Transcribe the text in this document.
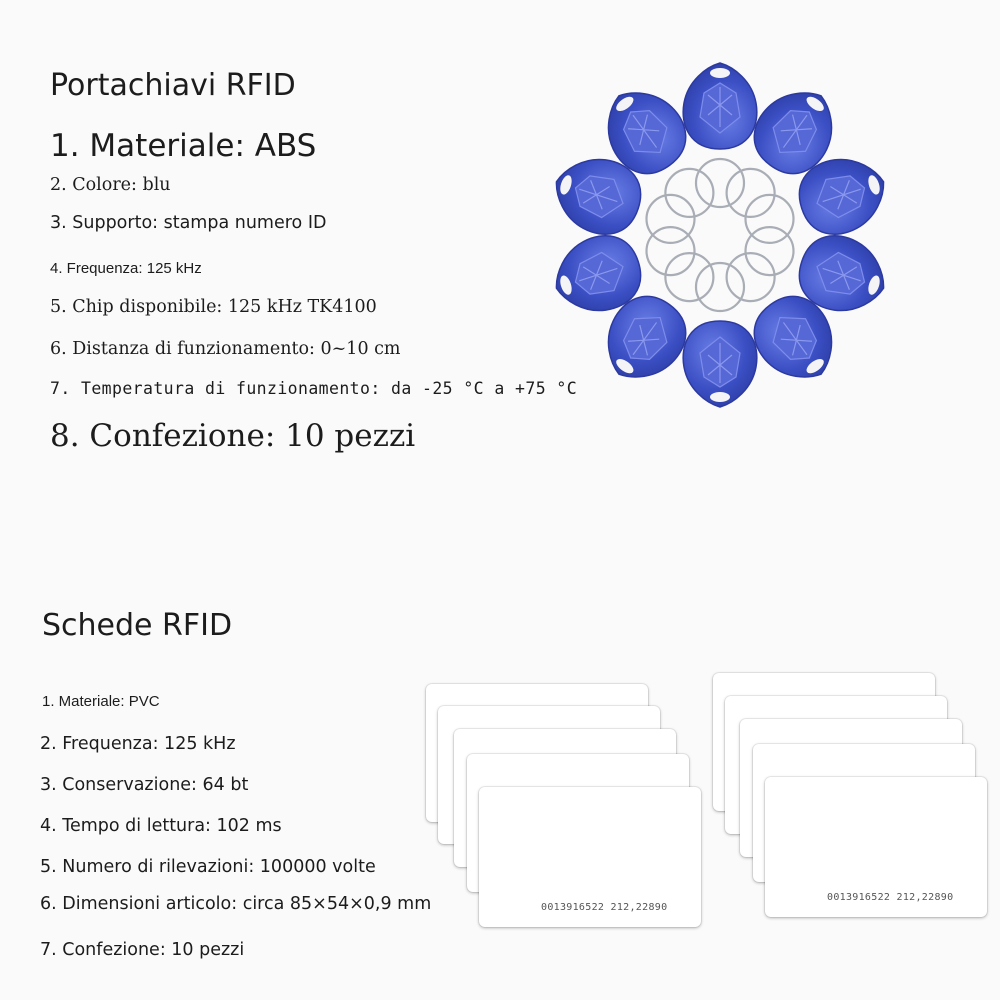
Portachiavi RFID
1. Materiale: ABS
2. Colore: blu
3. Supporto: stampa numero ID
4. Frequenza: 125 kHz
5. Chip disponibile: 125 kHz TK4100
6. Distanza di funzionamento: 0~10 cm
7. Temperatura di funzionamento: da -25 °C a +75 °C
8. Confezione: 10 pezzi
Schede RFID
1. Materiale: PVC
2. Frequenza: 125 kHz
3. Conservazione: 64 bt
4. Tempo di lettura: 102 ms
5. Numero di rilevazioni: 100000 volte
6. Dimensioni articolo: circa 85×54×0,9 mm
7. Confezione: 10 pezzi
0013916522 212,22890
0013916522 212,22890
